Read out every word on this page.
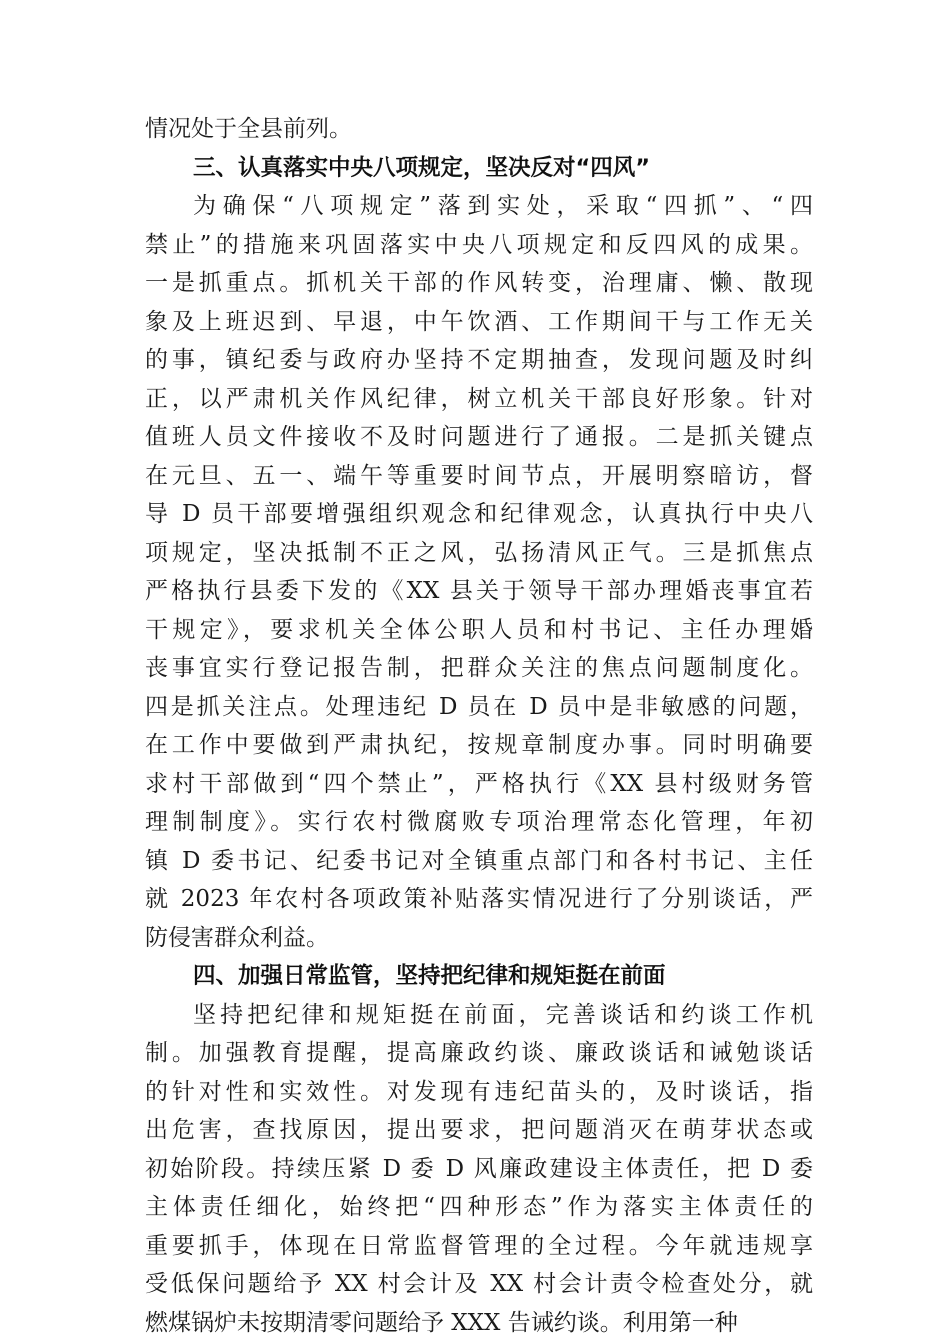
情况处于全县前列。
三、认真落实中央八项规定，坚决反对“四风”
为确保“八项规定”落到实处，采取“四抓”、“四
禁止”的措施来巩固落实中央八项规定和反四风的成果。
一是抓重点。抓机关干部的作风转变，治理庸、懒、散现
象及上班迟到、早退，中午饮酒、工作期间干与工作无关
的事，镇纪委与政府办坚持不定期抽查，发现问题及时纠
正，以严肃机关作风纪律，树立机关干部良好形象。针对
值班人员文件接收不及时问题进行了通报。二是抓关键点
在元旦、五一、端午等重要时间节点，开展明察暗访，督
导 D 员干部要增强组织观念和纪律观念，认真执行中央八
项规定，坚决抵制不正之风，弘扬清风正气。三是抓焦点
严格执行县委下发的《XX 县关于领导干部办理婚丧事宜若
干规定》，要求机关全体公职人员和村书记、主任办理婚
丧事宜实行登记报告制，把群众关注的焦点问题制度化。
四是抓关注点。处理违纪 D 员在 D 员中是非敏感的问题，
在工作中要做到严肃执纪，按规章制度办事。同时明确要
求村干部做到“四个禁止”，严格执行《XX 县村级财务管
理制制度》。实行农村微腐败专项治理常态化管理，年初
镇 D 委书记、纪委书记对全镇重点部门和各村书记、主任
就 2023 年农村各项政策补贴落实情况进行了分别谈话，严
防侵害群众利益。
四、加强日常监管，坚持把纪律和规矩挺在前面
坚持把纪律和规矩挺在前面，完善谈话和约谈工作机
制。加强教育提醒，提高廉政约谈、廉政谈话和诫勉谈话
的针对性和实效性。对发现有违纪苗头的，及时谈话，指
出危害，查找原因，提出要求，把问题消灭在萌芽状态或
初始阶段。持续压紧 D 委 D 风廉政建设主体责任，把 D 委
主体责任细化，始终把“四种形态”作为落实主体责任的
重要抓手，体现在日常监督管理的全过程。今年就违规享
受低保问题给予 XX 村会计及 XX 村会计责令检查处分，就
燃煤锅炉未按期清零问题给予 XXX 告诫约谈。利用第一种
